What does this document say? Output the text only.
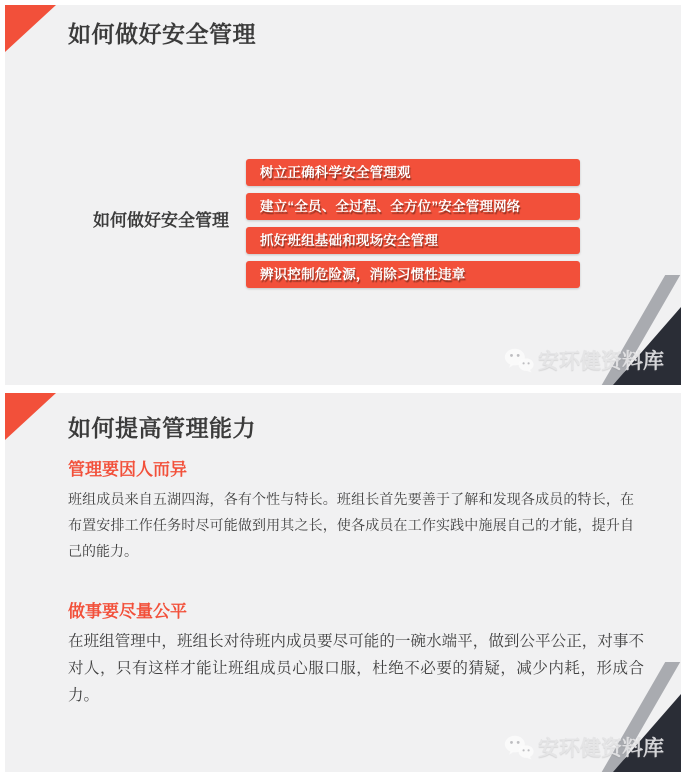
如何做好安全管理
如何做好安全管理
树立正确科学安全管理观
建立“全员、全过程、全方位”安全管理网络
抓好班组基础和现场安全管理
辨识控制危险源，消除习惯性违章
安环健资料库
如何提高管理能力
管理要因人而异

班组成员来自五湖四海，各有个性与特长。班组长首先要善于了解和发现各成员的特长，在布置安排工作任务时尽可能做到用其之长，使各成员在工作实践中施展自己的才能，提升自己的能力。

做事要尽量公平

在班组管理中，班组长对待班内成员要尽可能的一碗水端平，做到公平公正，对事不对人，只有这样才能让班组成员心服口服，杜绝不必要的猜疑，减少内耗，形成合力。

安环健资料库
